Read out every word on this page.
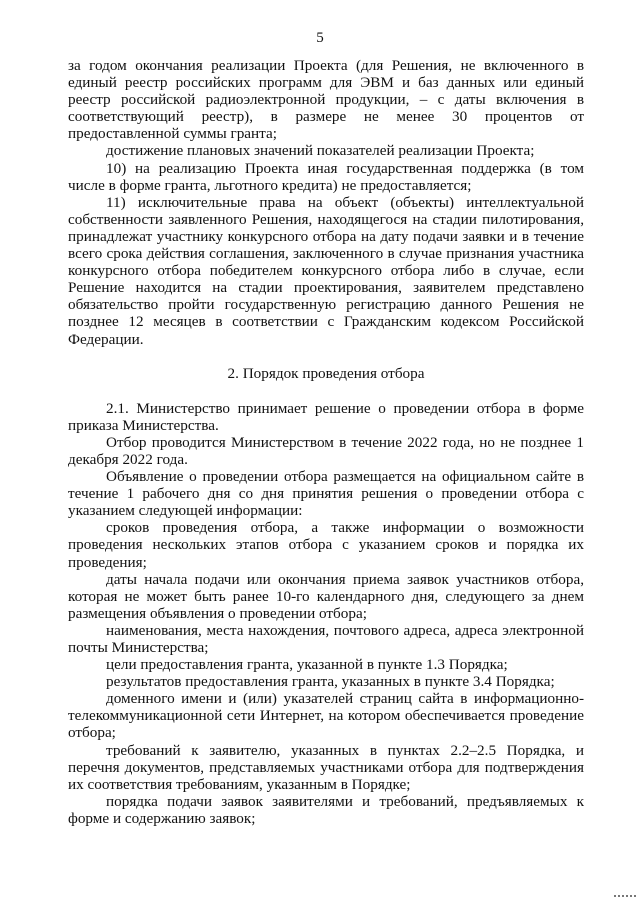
5

за годом окончания реализации Проекта (для Решения, не включенного в единый реестр российских программ для ЭВМ и баз данных или единый реестр российской радиоэлектронной продукции, – с даты включения в соответствующий реестр), в размере не менее 30 процентов от предоставленной суммы гранта;

достижение плановых значений показателей реализации Проекта;

10) на реализацию Проекта иная государственная поддержка (в том числе в форме гранта, льготного кредита) не предоставляется;

11) исключительные права на объект (объекты) интеллектуальной собственности заявленного Решения, находящегося на стадии пилотирования, принадлежат участнику конкурсного отбора на дату подачи заявки и в течение всего срока действия соглашения, заключенного в случае признания участника конкурсного отбора победителем конкурсного отбора либо в случае, если Решение находится на стадии проектирования, заявителем представлено обязательство пройти государственную регистрацию данного Решения не позднее 12 месяцев в соответствии с Гражданским кодексом Российской Федерации.

2. Порядок проведения отбора

2.1. Министерство принимает решение о проведении отбора в форме приказа Министерства.

Отбор проводится Министерством в течение 2022 года, но не позднее 1 декабря 2022 года.

Объявление о проведении отбора размещается на официальном сайте в течение 1 рабочего дня со дня принятия решения о проведении отбора с указанием следующей информации:

сроков проведения отбора, а также информации о возможности проведения нескольких этапов отбора с указанием сроков и порядка их проведения;

даты начала подачи или окончания приема заявок участников отбора, которая не может быть ранее 10-го календарного дня, следующего за днем размещения объявления о проведении отбора;

наименования, места нахождения, почтового адреса, адреса электронной почты Министерства;

цели предоставления гранта, указанной в пункте 1.3 Порядка;

результатов предоставления гранта, указанных в пункте 3.4 Порядка;

доменного имени и (или) указателей страниц сайта в информационно-телекоммуникационной сети Интернет, на котором обеспечивается проведение отбора;

требований к заявителю, указанных в пунктах 2.2–2.5 Порядка, и перечня документов, представляемых участниками отбора для подтверждения их соответствия требованиям, указанным в Порядке;

порядка подачи заявок заявителями и требований, предъявляемых к форме и содержанию заявок;
